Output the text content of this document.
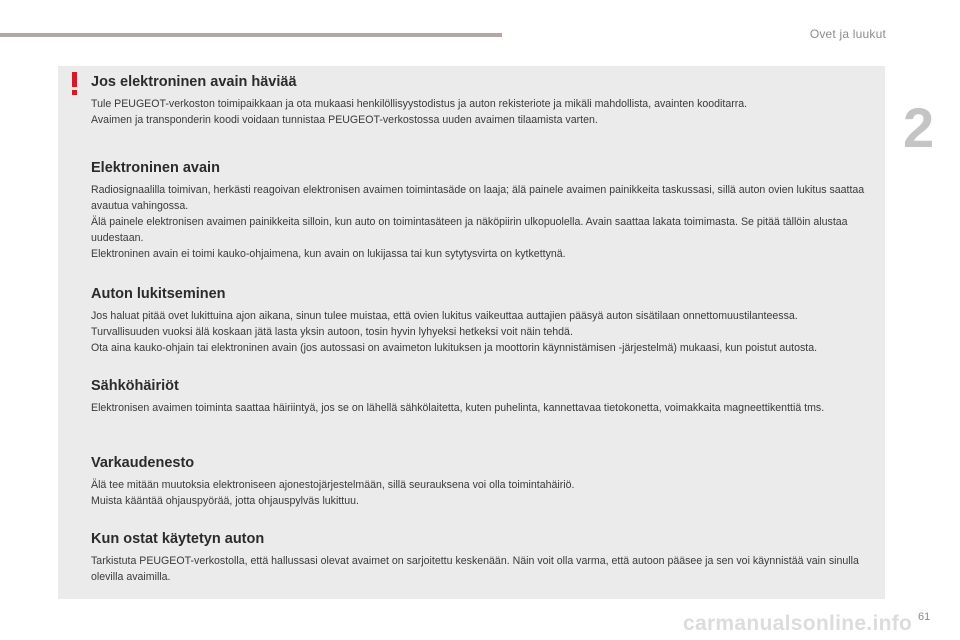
Ovet ja luukut
2
Jos elektroninen avain häviää

Tule PEUGEOT-verkoston toimipaikkaan ja ota mukaasi henkilöllisyystodistus ja auton rekisteriote ja mikäli mahdollista, avainten kooditarra.

Avaimen ja transponderin koodi voidaan tunnistaa PEUGEOT-verkostossa uuden avaimen tilaamista varten.

Elektroninen avain

Radiosignaalilla toimivan, herkästi reagoivan elektronisen avaimen toimintasäde on laaja; älä painele avaimen painikkeita taskussasi, sillä auton ovien lukitus saattaa avautua vahingossa.

Älä painele elektronisen avaimen painikkeita silloin, kun auto on toimintasäteen ja näköpiirin ulkopuolella. Avain saattaa lakata toimimasta. Se pitää tällöin alustaa uudestaan.

Elektroninen avain ei toimi kauko-ohjaimena, kun avain on lukijassa tai kun sytytysvirta on kytkettynä.

Auton lukitseminen

Jos haluat pitää ovet lukittuina ajon aikana, sinun tulee muistaa, että ovien lukitus vaikeuttaa auttajien pääsyä auton sisätilaan onnettomuustilanteessa.

Turvallisuuden vuoksi älä koskaan jätä lasta yksin autoon, tosin hyvin lyhyeksi hetkeksi voit näin tehdä.

Ota aina kauko-ohjain tai elektroninen avain (jos autossasi on avaimeton lukituksen ja moottorin käynnistämisen -järjestelmä) mukaasi, kun poistut autosta.

Sähköhäiriöt

Elektronisen avaimen toiminta saattaa häiriintyä, jos se on lähellä sähkölaitetta, kuten puhelinta, kannettavaa tietokonetta, voimakkaita magneettikenttiä tms.

Varkaudenesto

Älä tee mitään muutoksia elektroniseen ajonestojärjestelmään, sillä seurauksena voi olla toimintahäiriö.

Muista kääntää ohjauspyörää, jotta ohjauspylväs lukittuu.

Kun ostat käytetyn auton

Tarkistuta PEUGEOT-verkostolla, että hallussasi olevat avaimet on sarjoitettu keskenään. Näin voit olla varma, että autoon pääsee ja sen voi käynnistää vain sinulla olevilla avaimilla.

carmanualsonline.info 61
